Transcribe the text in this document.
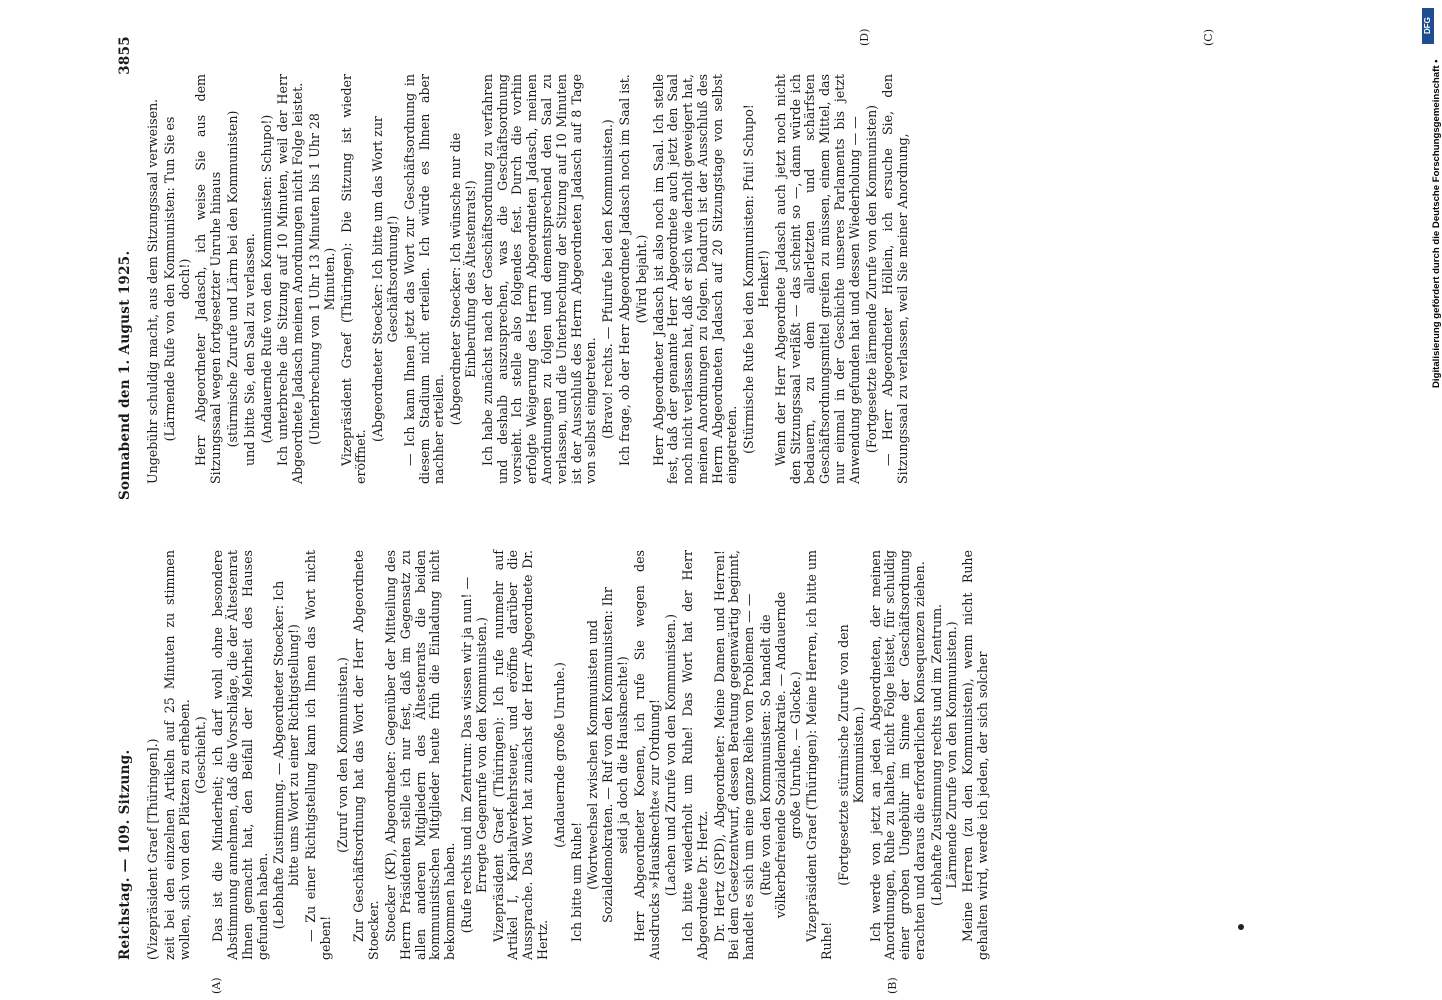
Reichstag. — 109. Sitzung.
Sonnabend den 1. August 1925.
3855
(A)	(B)
(C)
(D)

(Vizepräsident Graef [Thüringen].) zeit bei den einzelnen Artikeln auf 25 Minuten zu stimmen wollen, sich von den Plätzen zu erheben. (Geschieht.) Das ist die Minderheit; ich darf wohl ohne besondere Abstimmung annehmen, daß die Vorschläge, die der Ältestenrat Ihnen gemacht hat, den Beifall der Mehrheit des Hauses gefunden haben. (Lebhafte Zustimmung. — Abgeordneter Stoecker: Ich bitte ums Wort zu einer Richtigstellung!) — Zu einer Richtigstellung kann ich Ihnen das Wort nicht geben!

(Zuruf von den Kommunisten.) Zur Geschäftsordnung hat das Wort der Herr Abgeordnete Stoecker. Stoecker (KP), Abgeordneter: Gegenüber der Mitteilung des Herrn Präsidenten stelle ich nur fest, daß im Gegensatz zu allen anderen Mitgliedern des Ältestenrats die beiden kommunistischen Mitglieder heute früh die Einladung nicht bekommen haben. (Rufe rechts und im Zentrum: Das wissen wir ja nun! — Erregte Gegenrufe von den Kommunisten.) Vizepräsident Graef (Thüringen): Ich rufe nunmehr auf Artikel I, Kapitalverkehrsteuer, und eröffne darüber die Aussprache. Das Wort hat zunächst der Herr Abgeordnete Dr. Hertz.

(Andauernde große Unruhe.)

Ich bitte um Ruhe! (Wortwechsel zwischen Kommunisten und Sozialdemokraten. — Ruf von den Kommunisten: Ihr seid ja doch die Hausknechte!) Herr Abgeordneter Koenen, ich rufe Sie wegen des Ausdrucks »Hausknechte« zur Ordnung! (Lachen und Zurufe von den Kommunisten.) Ich bitte wiederholt um Ruhe! Das Wort hat der Herr Abgeordnete Dr. Hertz. Dr. Hertz (SPD), Abgeordneter: Meine Damen und Herren! Bei dem Gesetzentwurf, dessen Beratung gegenwärtig beginnt, handelt es sich um eine ganze Reihe von Problemen — — (Rufe von den Kommunisten: So handelt die völkerbefreiende Sozialdemokratie. — Andauernde große Unruhe. — Glocke.) Vizepräsident Graef (Thüringen): Meine Herren, ich bitte um Ruhe!

(Fortgesetzte stürmische Zurufe von den Kommunisten.) Ich werde von jetzt an jeden Abgeordneten, der meinen Anordnungen, Ruhe zu halten, nicht Folge leistet, für schuldig einer groben Ungebühr im Sinne der Geschäftsordnung erachten und daraus die erforderlichen Konsequenzen ziehen. (Lebhafte Zustimmung rechts und im Zentrum. Lärmende Zurufe von den Kommunisten.) Meine Herren (zu den Kommunisten), wenn nicht Ruhe gehalten wird, werde ich jeden, der sich solcher

Ungebühr schuldig macht, aus dem Sitzungssaal verweisen. (Lärmende Rufe von den Kommunisten: Tun Sie es doch!) Herr Abgeordneter Jadasch, ich weise Sie aus dem Sitzungssaal wegen fortgesetzter Unruhe hinaus (stürmische Zurufe und Lärm bei den Kommunisten) und bitte Sie, den Saal zu verlassen. (Andauernde Rufe von den Kommunisten: Schupo!) Ich unterbreche die Sitzung auf 10 Minuten, weil der Herr Abgeordnete Jadasch meinen Anordnungen nicht Folge leistet. (Unterbrechung von 1 Uhr 13 Minuten bis 1 Uhr 28 Minuten.) Vizepräsident Graef (Thüringen): Die Sitzung ist wieder eröffnet.

(Abgeordneter Stoecker: Ich bitte um das Wort zur Geschäftsordnung!) — Ich kann Ihnen jetzt das Wort zur Geschäftsordnung in diesem Stadium nicht erteilen. Ich würde es Ihnen aber nachher erteilen.

(Abgeordneter Stoecker: Ich wünsche nur die Einberufung des Ältestenrats!) Ich habe zunächst nach der Geschäftsordnung zu verfahren und deshalb auszusprechen, was die Geschäftsordnung vorsieht. Ich stelle also folgendes fest. Durch die vorhin erfolgte Weigerung des Herrn Abgeordneten Jadasch, meinen Anordnungen zu folgen und dementsprechend den Saal zu verlassen, und die Unterbrechung der Sitzung auf 10 Minuten ist der Ausschluß des Herrn Abgeordneten Jadasch auf 8 Tage von selbst eingetreten. (Bravo! rechts. — Pfuirufe bei den Kommunisten.) Ich frage, ob der Herr Abgeordnete Jadasch noch im Saal ist. (Wird bejaht.) Herr Abgeordneter Jadasch ist also noch im Saal. Ich stelle fest, daß der genannte Herr Abgeordnete auch jetzt den Saal noch nicht verlassen hat, daß er sich wie derholt geweigert hat, meinen Anordnungen zu folgen. Dadurch ist der Ausschluß des Herrn Abgeordneten Jadasch auf 20 Sitzungstage von selbst eingetreten. (Stürmische Rufe bei den Kommunisten: Pfui! Schupo! Henker!) Wenn der Herr Abgeordnete Jadasch auch jetzt noch nicht den Sitzungssaal verläßt — das scheint so —, dann würde ich bedauern, zu dem allerletzten und schärfsten Geschäftsordnungsmittel greifen zu müssen, einem Mittel, das nur einmal in der Geschichte unseres Parlaments bis jetzt Anwendung gefunden hat und dessen Wiederholung — — (Fortgesetzte lärmende Zurufe von den Kommunisten) — Herr Abgeordneter Höllein, ich ersuche Sie, den Sitzungssaal zu verlassen, weil Sie meiner Anordnung,

DFG
Digitalisierung gefördert durch die Deutsche Forschungsgemeinschaft •
